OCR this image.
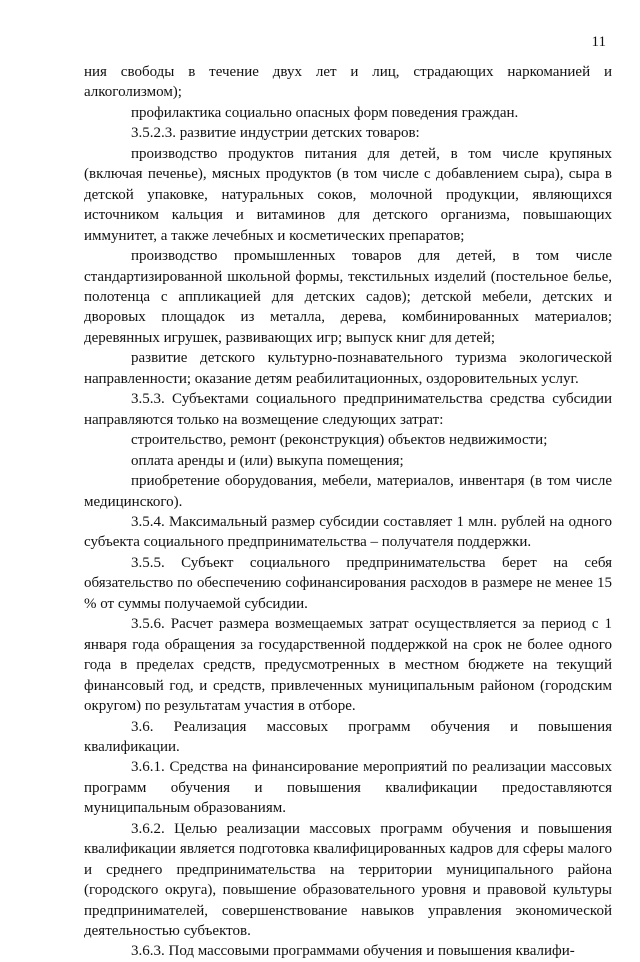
11

ния свободы в течение двух лет и лиц, страдающих наркоманией и алкоголизмом);

профилактика социально опасных форм поведения граждан.

3.5.2.3. развитие индустрии детских товаров:

производство продуктов питания для детей, в том числе крупяных (включая печенье), мясных продуктов (в том числе с добавлением сыра), сыра в детской упаковке, натуральных соков, молочной продукции, являющихся источником кальция и витаминов для детского организма, повышающих иммунитет, а также лечебных и косметических препаратов;

производство промышленных товаров для детей, в том числе стандартизированной школьной формы, текстильных изделий (постельное белье, полотенца с аппликацией для детских садов); детской мебели, детских и дворовых площадок из металла, дерева, комбинированных материалов; деревянных игрушек, развивающих игр; выпуск книг для детей;

развитие детского культурно-познавательного туризма экологической направленности; оказание детям реабилитационных, оздоровительных услуг.

3.5.3. Субъектами социального предпринимательства средства субсидии направляются только на возмещение следующих затрат:

строительство, ремонт (реконструкция) объектов недвижимости;

оплата аренды и (или) выкупа помещения;

приобретение оборудования, мебели, материалов, инвентаря (в том числе медицинского).

3.5.4. Максимальный размер субсидии составляет 1 млн. рублей на одного субъекта социального предпринимательства – получателя поддержки.

3.5.5. Субъект социального предпринимательства берет на себя обязательство по обеспечению софинансирования расходов в размере не менее 15 % от суммы получаемой субсидии.

3.5.6. Расчет размера возмещаемых затрат осуществляется за период с 1 января года обращения за государственной поддержкой на срок не более одного года в пределах средств, предусмотренных в местном бюджете на текущий финансовый год, и средств, привлеченных муниципальным районом (городским округом) по результатам участия в отборе.

3.6. Реализация массовых программ обучения и повышения квалификации.

3.6.1. Средства на финансирование мероприятий по реализации массовых программ обучения и повышения квалификации предоставляются муниципальным образованиям.

3.6.2. Целью реализации массовых программ обучения и повышения квалификации является подготовка квалифицированных кадров для сферы малого и среднего предпринимательства на территории муниципального района (городского округа), повышение образовательного уровня и правовой культуры предпринимателей, совершенствование навыков управления экономической деятельностью субъектов.

3.6.3. Под массовыми программами обучения и повышения квалифи-
